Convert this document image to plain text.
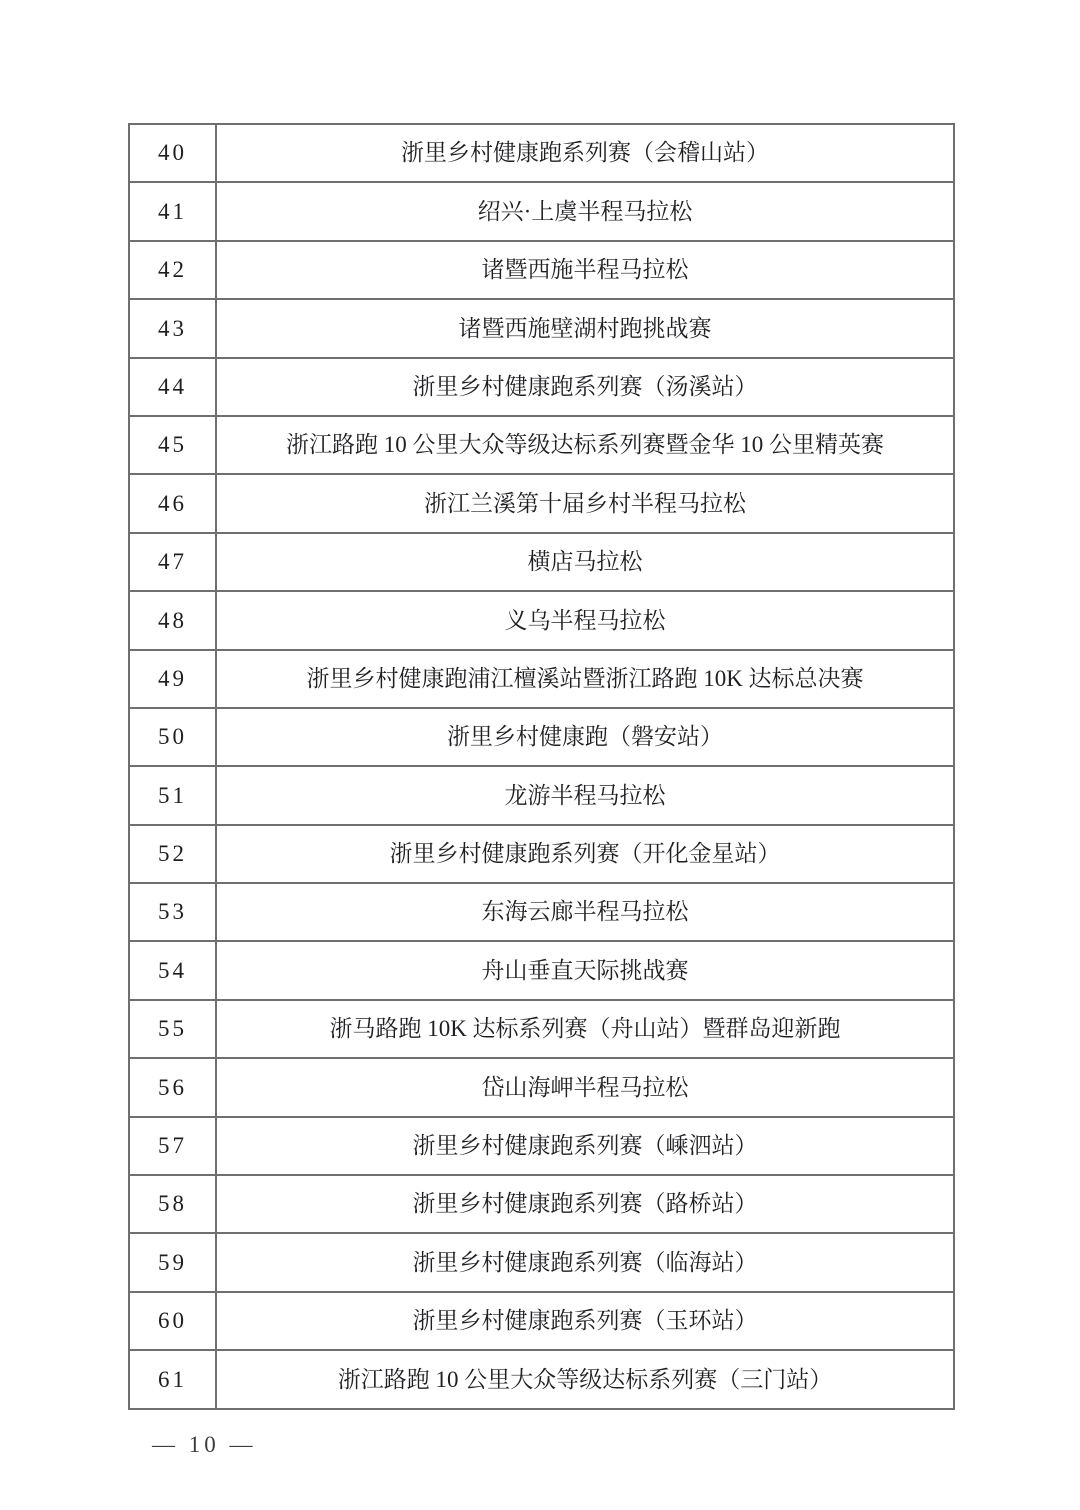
40	浙里乡村健康跑系列赛（会稽山站）
41	绍兴·上虞半程马拉松
42	诸暨西施半程马拉松
43	诸暨西施壁湖村跑挑战赛
44	浙里乡村健康跑系列赛（汤溪站）
45	浙江路跑 10 公里大众等级达标系列赛暨金华 10 公里精英赛
46	浙江兰溪第十届乡村半程马拉松
47	横店马拉松
48	义乌半程马拉松
49	浙里乡村健康跑浦江檀溪站暨浙江路跑 10K 达标总决赛
50	浙里乡村健康跑（磐安站）
51	龙游半程马拉松
52	浙里乡村健康跑系列赛（开化金星站）
53	东海云廊半程马拉松
54	舟山垂直天际挑战赛
55	浙马路跑 10K 达标系列赛（舟山站）暨群岛迎新跑
56	岱山海岬半程马拉松
57	浙里乡村健康跑系列赛（嵊泗站）
58	浙里乡村健康跑系列赛（路桥站）
59	浙里乡村健康跑系列赛（临海站）
60	浙里乡村健康跑系列赛（玉环站）
61	浙江路跑 10 公里大众等级达标系列赛（三门站）
— 10 —
